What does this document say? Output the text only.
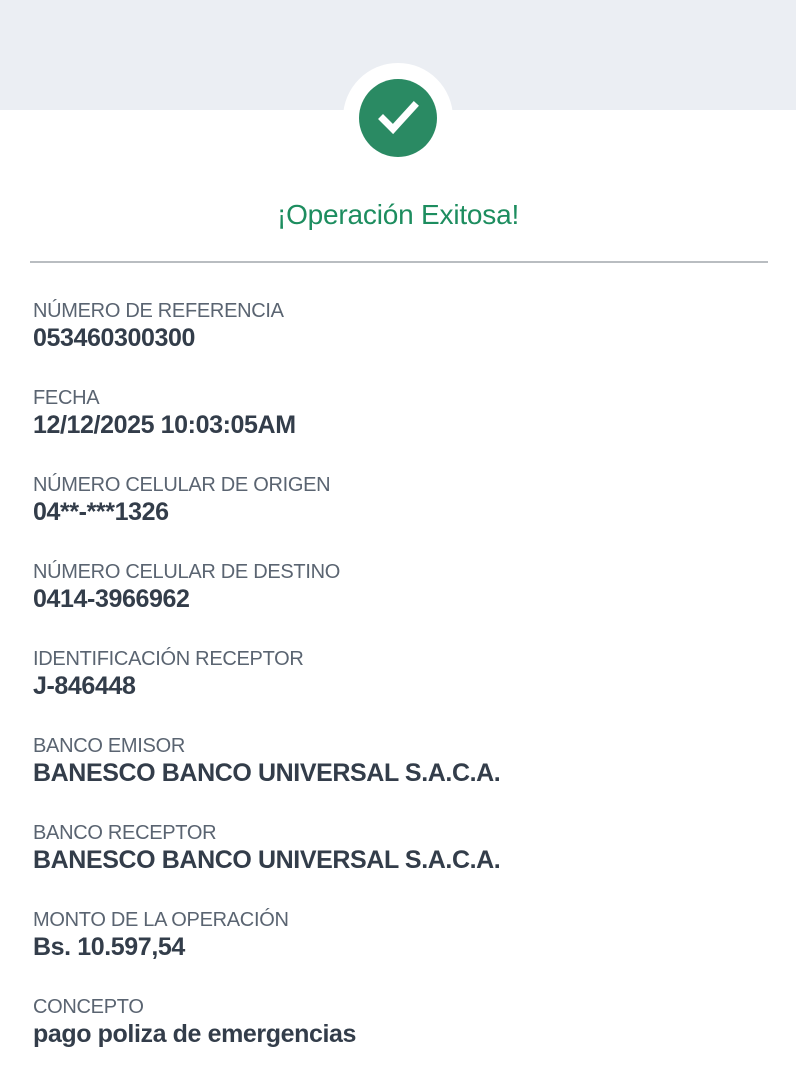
¡Operación Exitosa!
NÚMERO DE REFERENCIA
053460300300
FECHA
12/12/2025 10:03:05AM
NÚMERO CELULAR DE ORIGEN
04**-***1326
NÚMERO CELULAR DE DESTINO
0414-3966962
IDENTIFICACIÓN RECEPTOR
J-846448
BANCO EMISOR
BANESCO BANCO UNIVERSAL S.A.C.A.
BANCO RECEPTOR
BANESCO BANCO UNIVERSAL S.A.C.A.
MONTO DE LA OPERACIÓN
Bs. 10.597,54
CONCEPTO
pago poliza de emergencias
